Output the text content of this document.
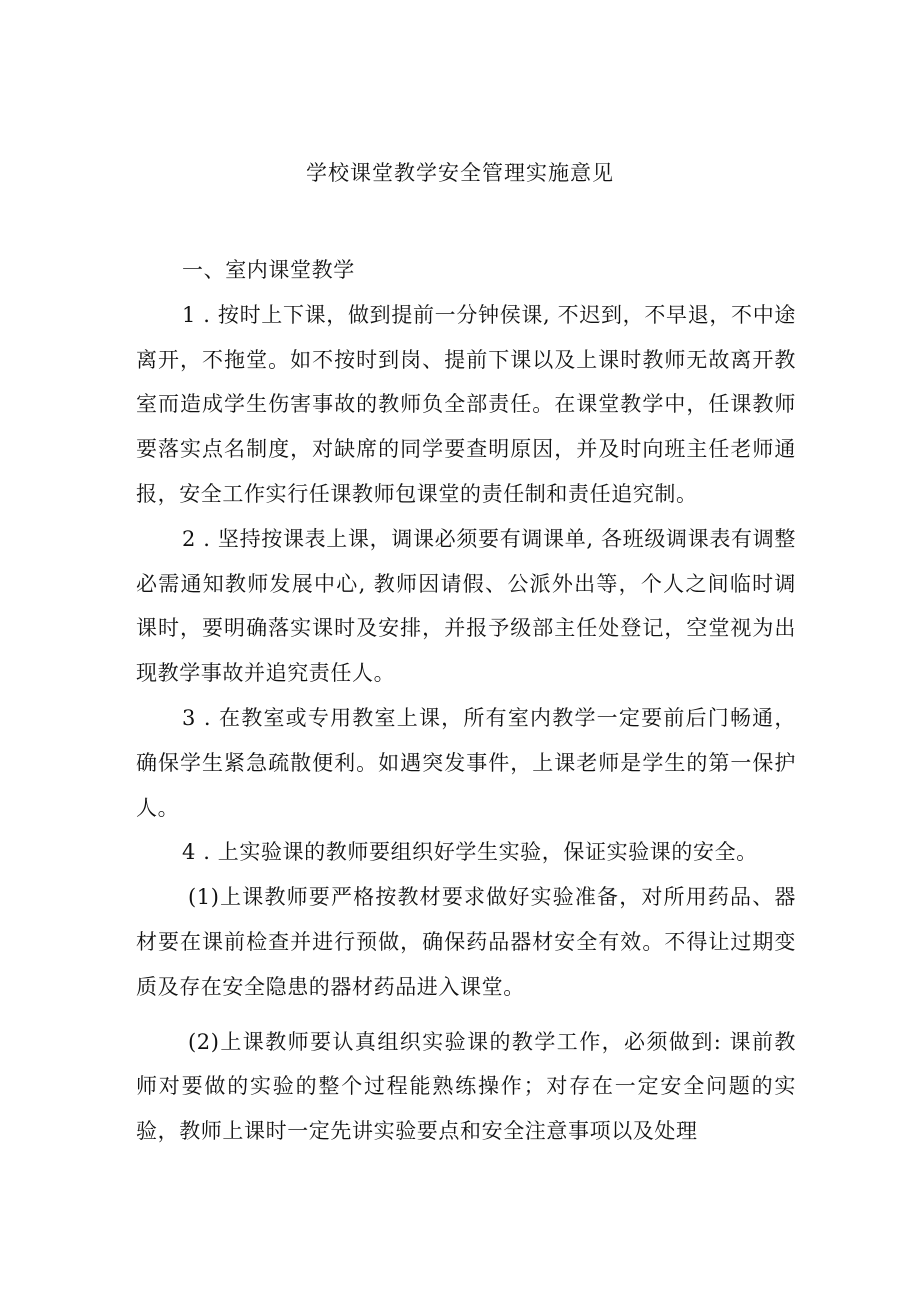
学校课堂教学安全管理实施意见

一、室内课堂教学

1 . 按时上下课，做到提前一分钟侯课, 不迟到，不早退，不中途离开，不拖堂。如不按时到岗、提前下课以及上课时教师无故离开教室而造成学生伤害事故的教师负全部责任。在课堂教学中，任课教师要落实点名制度，对缺席的同学要查明原因，并及时向班主任老师通报，安全工作实行任课教师包课堂的责任制和责任追究制。

2 . 坚持按课表上课，调课必须要有调课单, 各班级调课表有调整必需通知教师发展中心, 教师因请假、公派外出等，个人之间临时调课时，要明确落实课时及安排，并报予级部主任处登记，空堂视为出现教学事故并追究责任人。

3 . 在教室或专用教室上课，所有室内教学一定要前后门畅通，确保学生紧急疏散便利。如遇突发事件，上课老师是学生的第一保护人。

4 . 上实验课的教师要组织好学生实验，保证实验课的安全。

(1)上课教师要严格按教材要求做好实验准备，对所用药品、器材要在课前检查并进行预做，确保药品器材安全有效。不得让过期变质及存在安全隐患的器材药品进入课堂。

(2)上课教师要认真组织实验课的教学工作，必须做到: 课前教师对要做的实验的整个过程能熟练操作；对存在一定安全问题的实验，教师上课时一定先讲实验要点和安全注意事项以及处理
